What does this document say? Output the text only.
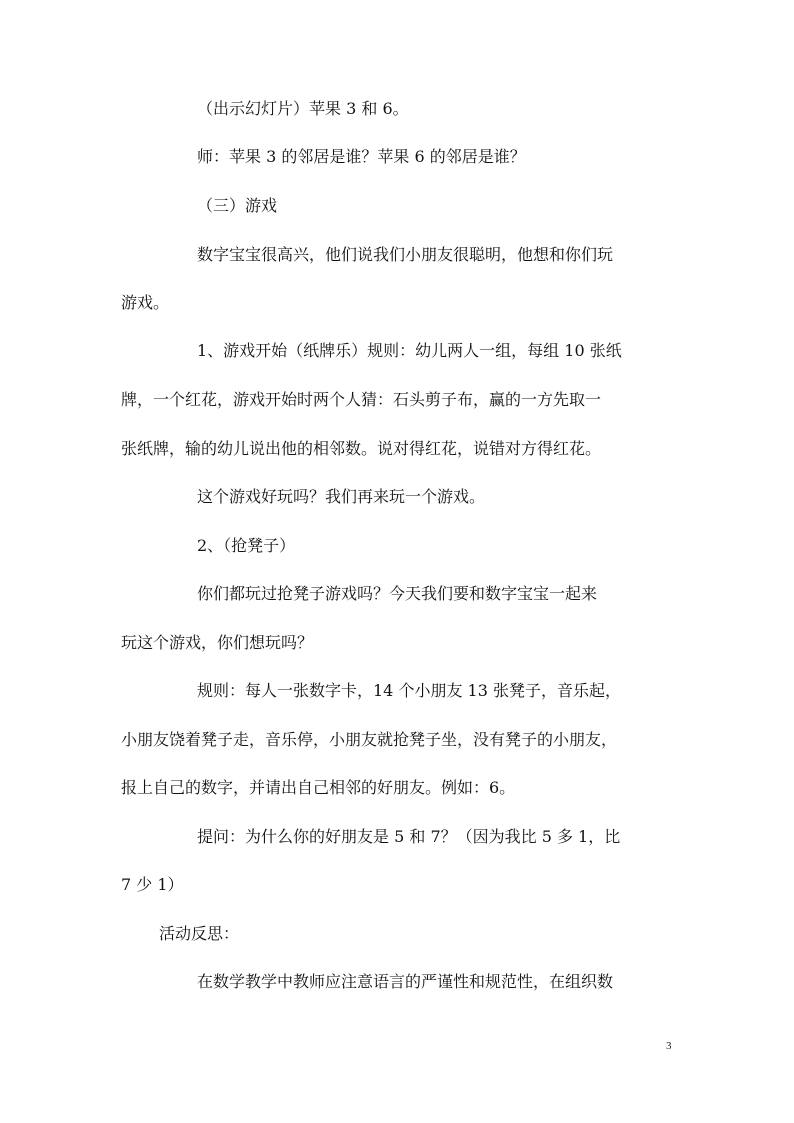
（出示幻灯片）苹果 3 和 6。
师：苹果 3 的邻居是谁？苹果 6 的邻居是谁？
（三）游戏
数字宝宝很高兴，他们说我们小朋友很聪明，他想和你们玩
游戏。
1、游戏开始（纸牌乐）规则：幼儿两人一组，每组 10 张纸
牌，一个红花，游戏开始时两个人猜：石头剪子布，赢的一方先取一
张纸牌，输的幼儿说出他的相邻数。说对得红花，说错对方得红花。
这个游戏好玩吗？我们再来玩一个游戏。
2、（抢凳子）
你们都玩过抢凳子游戏吗？今天我们要和数字宝宝一起来
玩这个游戏，你们想玩吗？
规则：每人一张数字卡，14 个小朋友 13 张凳子，音乐起，
小朋友饶着凳子走，音乐停，小朋友就抢凳子坐，没有凳子的小朋友，
报上自己的数字，并请出自己相邻的好朋友。例如：6。
提问：为什么你的好朋友是 5 和 7？（因为我比 5 多 1，比
7 少 1）
活动反思：
在数学教学中教师应注意语言的严谨性和规范性，在组织数
3
